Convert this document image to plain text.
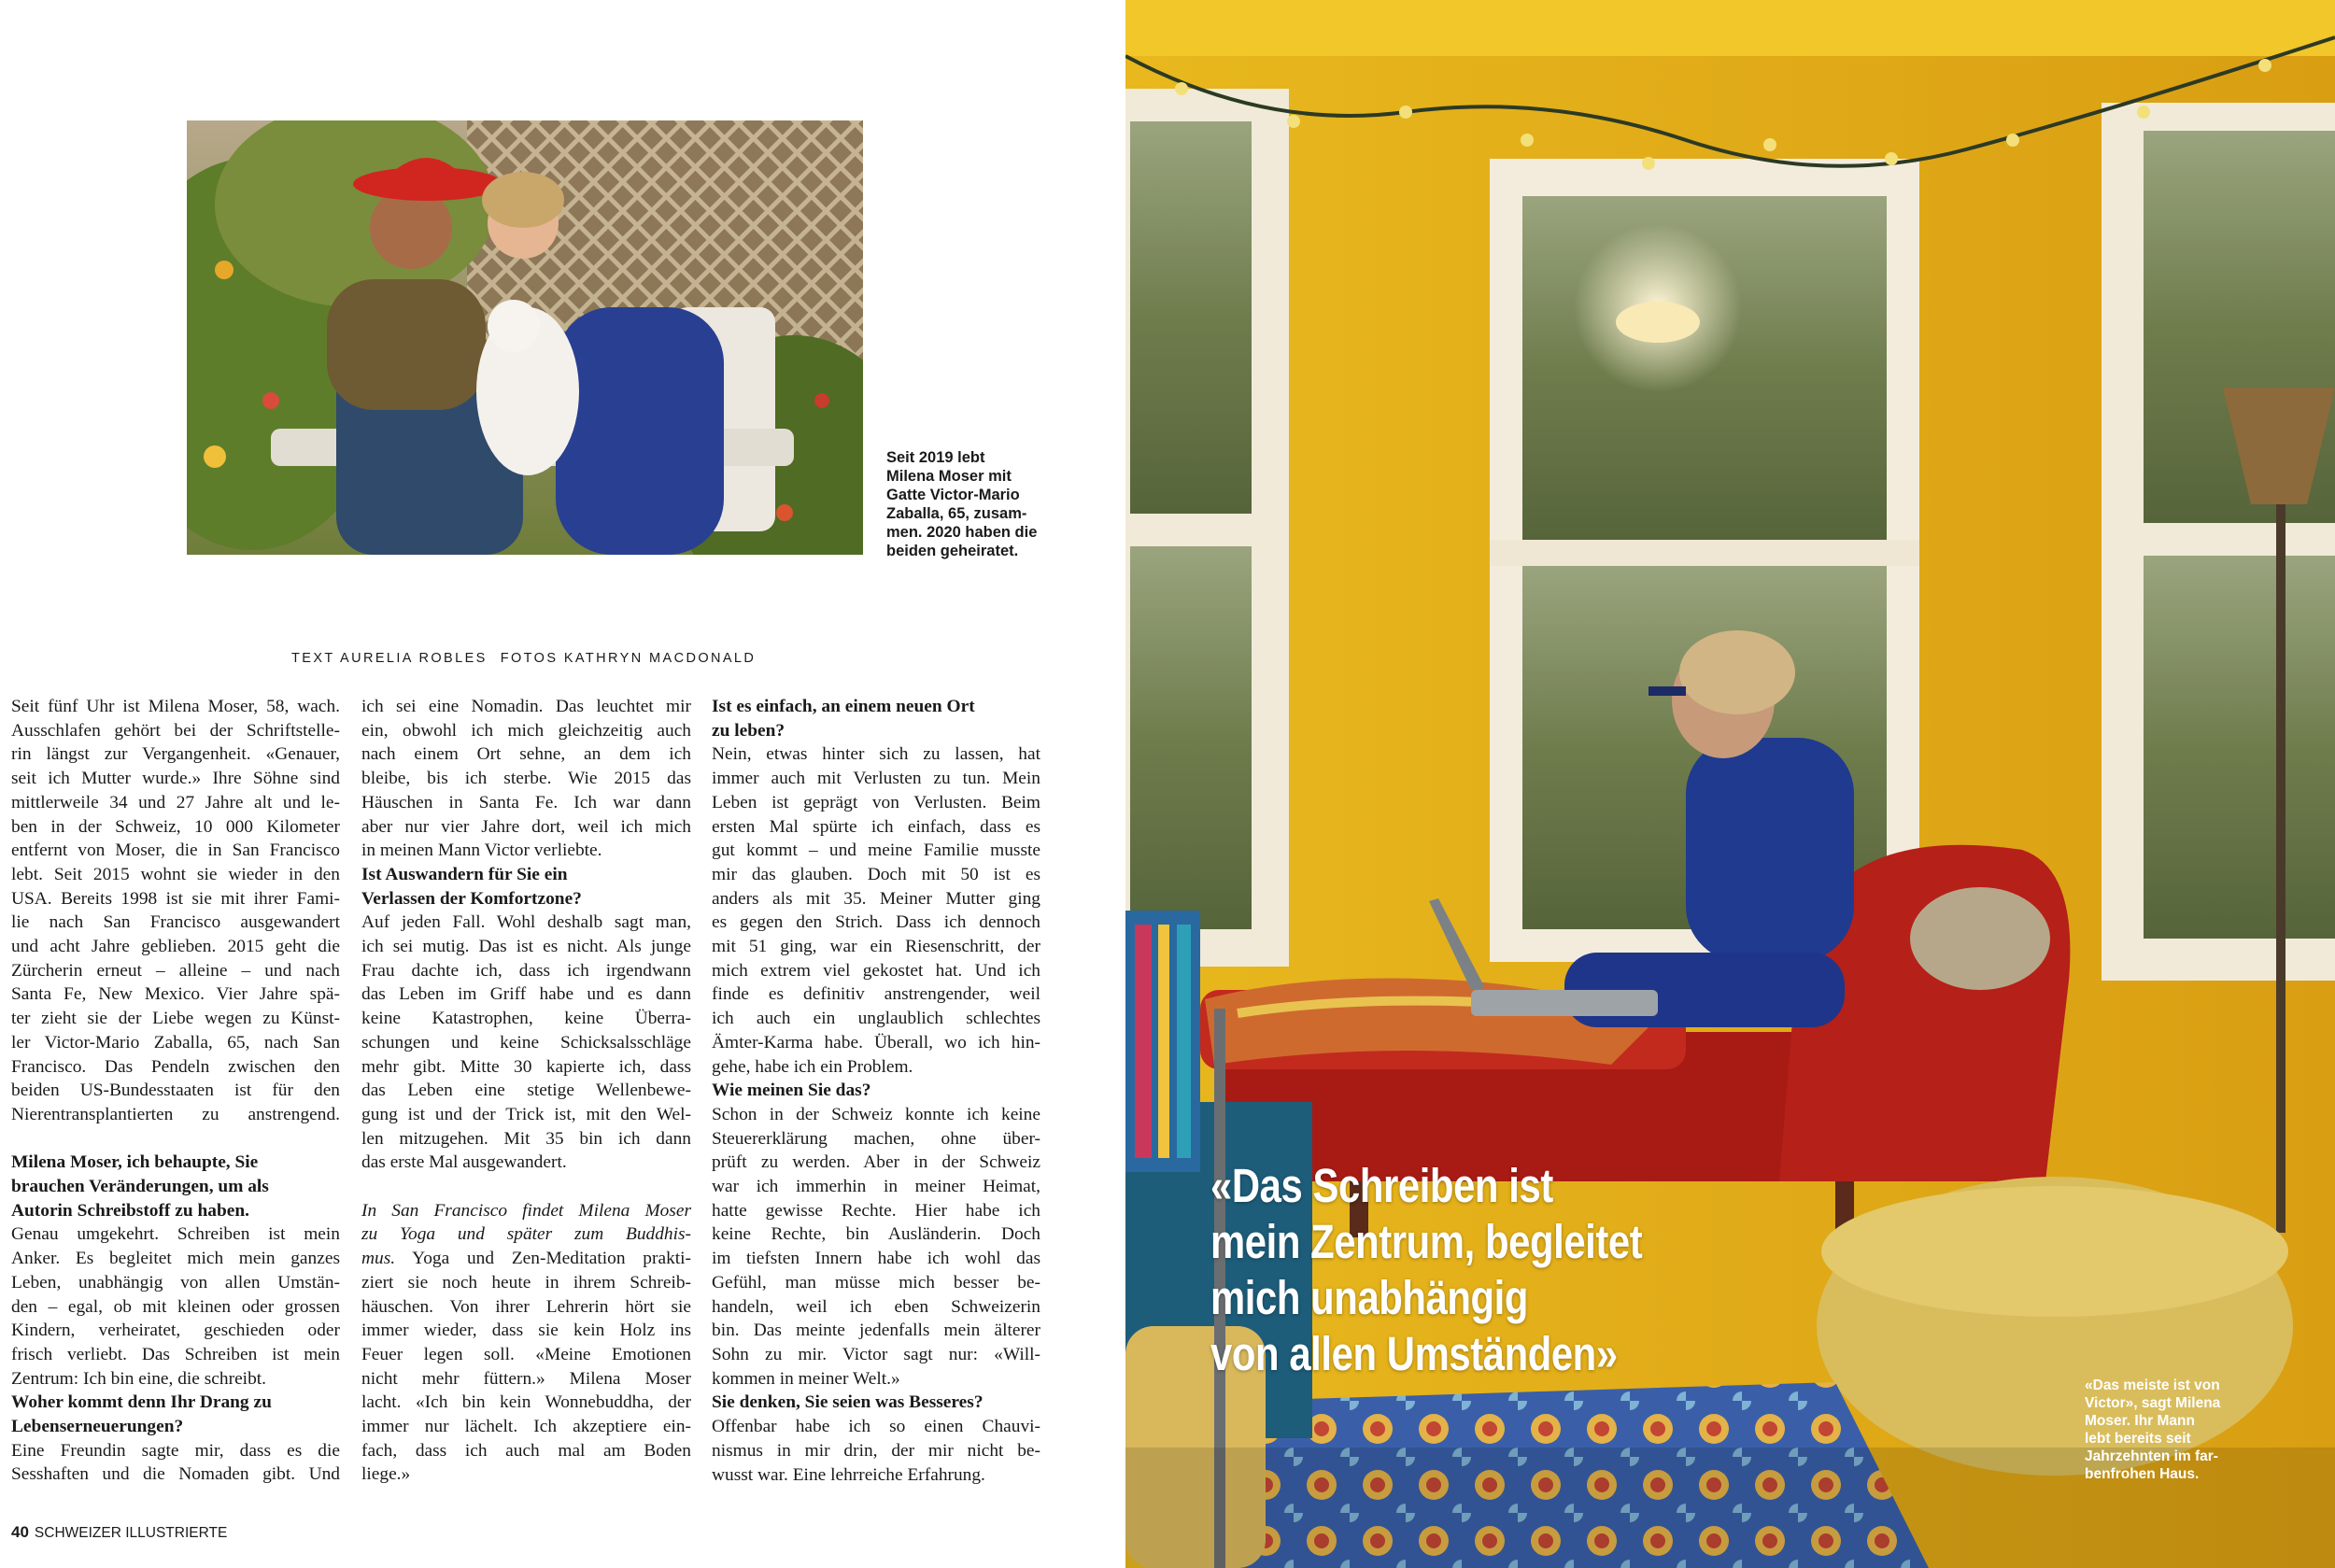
Seit 2019 lebt
Milena Moser mit
Gatte Victor-Mario
Zaballa, 65, zusam-
men. 2020 haben die
beiden geheiratet.
TEXT AURELIA ROBLES FOTOS KATHRYN MACDONALD
Seit fünf Uhr ist Milena Moser, 58, wach.
Ausschlafen gehört bei der Schriftstelle-
rin längst zur Vergangenheit. «Genauer,
seit ich Mutter wurde.» Ihre Söhne sind
mittlerweile 34 und 27 Jahre alt und le-
ben in der Schweiz, 10 000 Kilometer
entfernt von Moser, die in San Francisco
lebt. Seit 2015 wohnt sie wieder in den
USA. Bereits 1998 ist sie mit ihrer Fami-
lie nach San Francisco ausgewandert
und acht Jahre geblieben. 2015 geht die
Zürcherin erneut – alleine – und nach
Santa Fe, New Mexico. Vier Jahre spä-
ter zieht sie der Liebe wegen zu Künst-
ler Victor-Mario Zaballa, 65, nach San
Francisco. Das Pendeln zwischen den
beiden US-Bundesstaaten ist für den
Nierentransplantierten zu anstrengend.
Milena Moser, ich behaupte, Sie
brauchen Veränderungen, um als
Autorin Schreibstoff zu haben.
Genau umgekehrt. Schreiben ist mein
Anker. Es begleitet mich mein ganzes
Leben, unabhängig von allen Umstän-
den – egal, ob mit kleinen oder grossen
Kindern, verheiratet, geschieden oder
frisch verliebt. Das Schreiben ist mein
Zentrum: Ich bin eine, die schreibt.
Woher kommt denn Ihr Drang zu
Lebenserneuerungen?
Eine Freundin sagte mir, dass es die
Sesshaften und die Nomaden gibt. Und
ich sei eine Nomadin. Das leuchtet mir
ein, obwohl ich mich gleichzeitig auch
nach einem Ort sehne, an dem ich
bleibe, bis ich sterbe. Wie 2015 das
Häuschen in Santa Fe. Ich war dann
aber nur vier Jahre dort, weil ich mich
in meinen Mann Victor verliebte.
Ist Auswandern für Sie ein
Verlassen der Komfortzone?
Auf jeden Fall. Wohl deshalb sagt man,
ich sei mutig. Das ist es nicht. Als junge
Frau dachte ich, dass ich irgendwann
das Leben im Griff habe und es dann
keine Katastrophen, keine Überra-
schungen und keine Schicksalsschläge
mehr gibt. Mitte 30 kapierte ich, dass
das Leben eine stetige Wellenbewe-
gung ist und der Trick ist, mit den Wel-
len mitzugehen. Mit 35 bin ich dann
das erste Mal ausgewandert.
In San Francisco findet Milena Moser
zu Yoga und später zum Buddhis-
mus. Yoga und Zen-Meditation prakti-
ziert sie noch heute in ihrem Schreib-
häuschen. Von ihrer Lehrerin hört sie
immer wieder, dass sie kein Holz ins
Feuer legen soll. «Meine Emotionen
nicht mehr füttern.» Milena Moser
lacht. «Ich bin kein Wonnebuddha, der
immer nur lächelt. Ich akzeptiere ein-
fach, dass ich auch mal am Boden
liege.»
Ist es einfach, an einem neuen Ort
zu leben?
Nein, etwas hinter sich zu lassen, hat
immer auch mit Verlusten zu tun. Mein
Leben ist geprägt von Verlusten. Beim
ersten Mal spürte ich einfach, dass es
gut kommt – und meine Familie musste
mir das glauben. Doch mit 50 ist es
anders als mit 35. Meiner Mutter ging
es gegen den Strich. Dass ich dennoch
mit 51 ging, war ein Riesenschritt, der
mich extrem viel gekostet hat. Und ich
finde es definitiv anstrengender, weil
ich auch ein unglaublich schlechtes
Ämter-Karma habe. Überall, wo ich hin-
gehe, habe ich ein Problem.
Wie meinen Sie das?
Schon in der Schweiz konnte ich keine
Steuererklärung machen, ohne über-
prüft zu werden. Aber in der Schweiz
war ich immerhin in meiner Heimat,
hatte gewisse Rechte. Hier habe ich
keine Rechte, bin Ausländerin. Doch
im tiefsten Innern habe ich wohl das
Gefühl, man müsse mich besser be-
handeln, weil ich eben Schweizerin
bin. Das meinte jedenfalls mein älterer
Sohn zu mir. Victor sagt nur: «Will-
kommen in meiner Welt.»
Sie denken, Sie seien was Besseres?
Offenbar habe ich so einen Chauvi-
nismus in mir drin, der mir nicht be-
wusst war. Eine lehrreiche Erfahrung.
40 SCHWEIZER ILLUSTRIERTE
«Das Schreiben ist
mein Zentrum, begleitet
mich unabhängig
von allen Umständen»
«Das meiste ist von
Victor», sagt Milena
Moser. Ihr Mann
lebt bereits seit
Jahrzehnten im far-
benfrohen Haus.
